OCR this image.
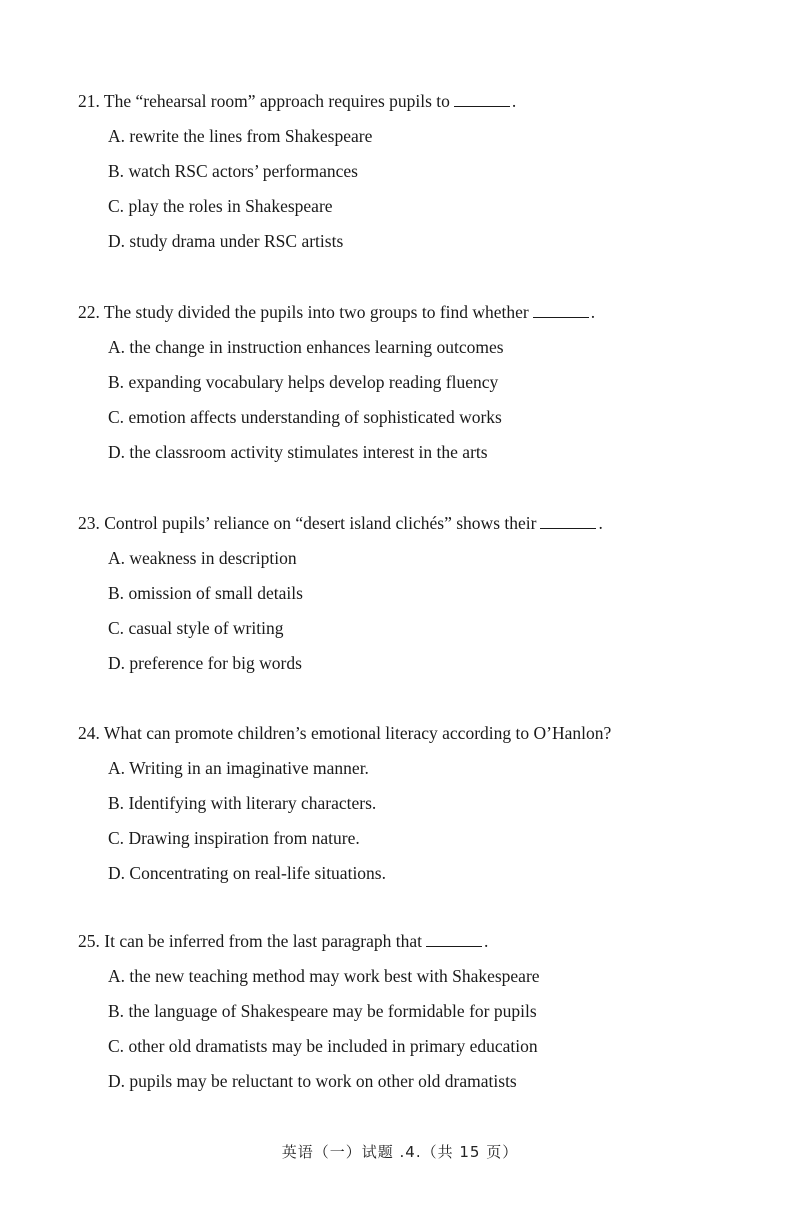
21. The “rehearsal room” approach requires pupils to	.

A. rewrite the lines from Shakespeare
B. watch RSC actors’ performances
C. play the roles in Shakespeare
D. study drama under RSC artists

22. The study divided the pupils into two groups to find whether	.

A. the change in instruction enhances learning outcomes
B. expanding vocabulary helps develop reading fluency
C. emotion affects understanding of sophisticated works
D. the classroom activity stimulates interest in the arts

23. Control pupils’ reliance on “desert island clichés” shows their	.

A. weakness in description
B. omission of small details
C. casual style of writing
D. preference for big words

24. What can promote children’s emotional literacy according to O’Hanlon?

A. Writing in an imaginative manner.
B. Identifying with literary characters.
C. Drawing inspiration from nature.
D. Concentrating on real-life situations.

25. It can be inferred from the last paragraph that	.

A. the new teaching method may work best with Shakespeare
B. the language of Shakespeare may be formidable for pupils
C. other old dramatists may be included in primary education
D. pupils may be reluctant to work on other old dramatists
英语（一）试题 .4.（共 15 页）
